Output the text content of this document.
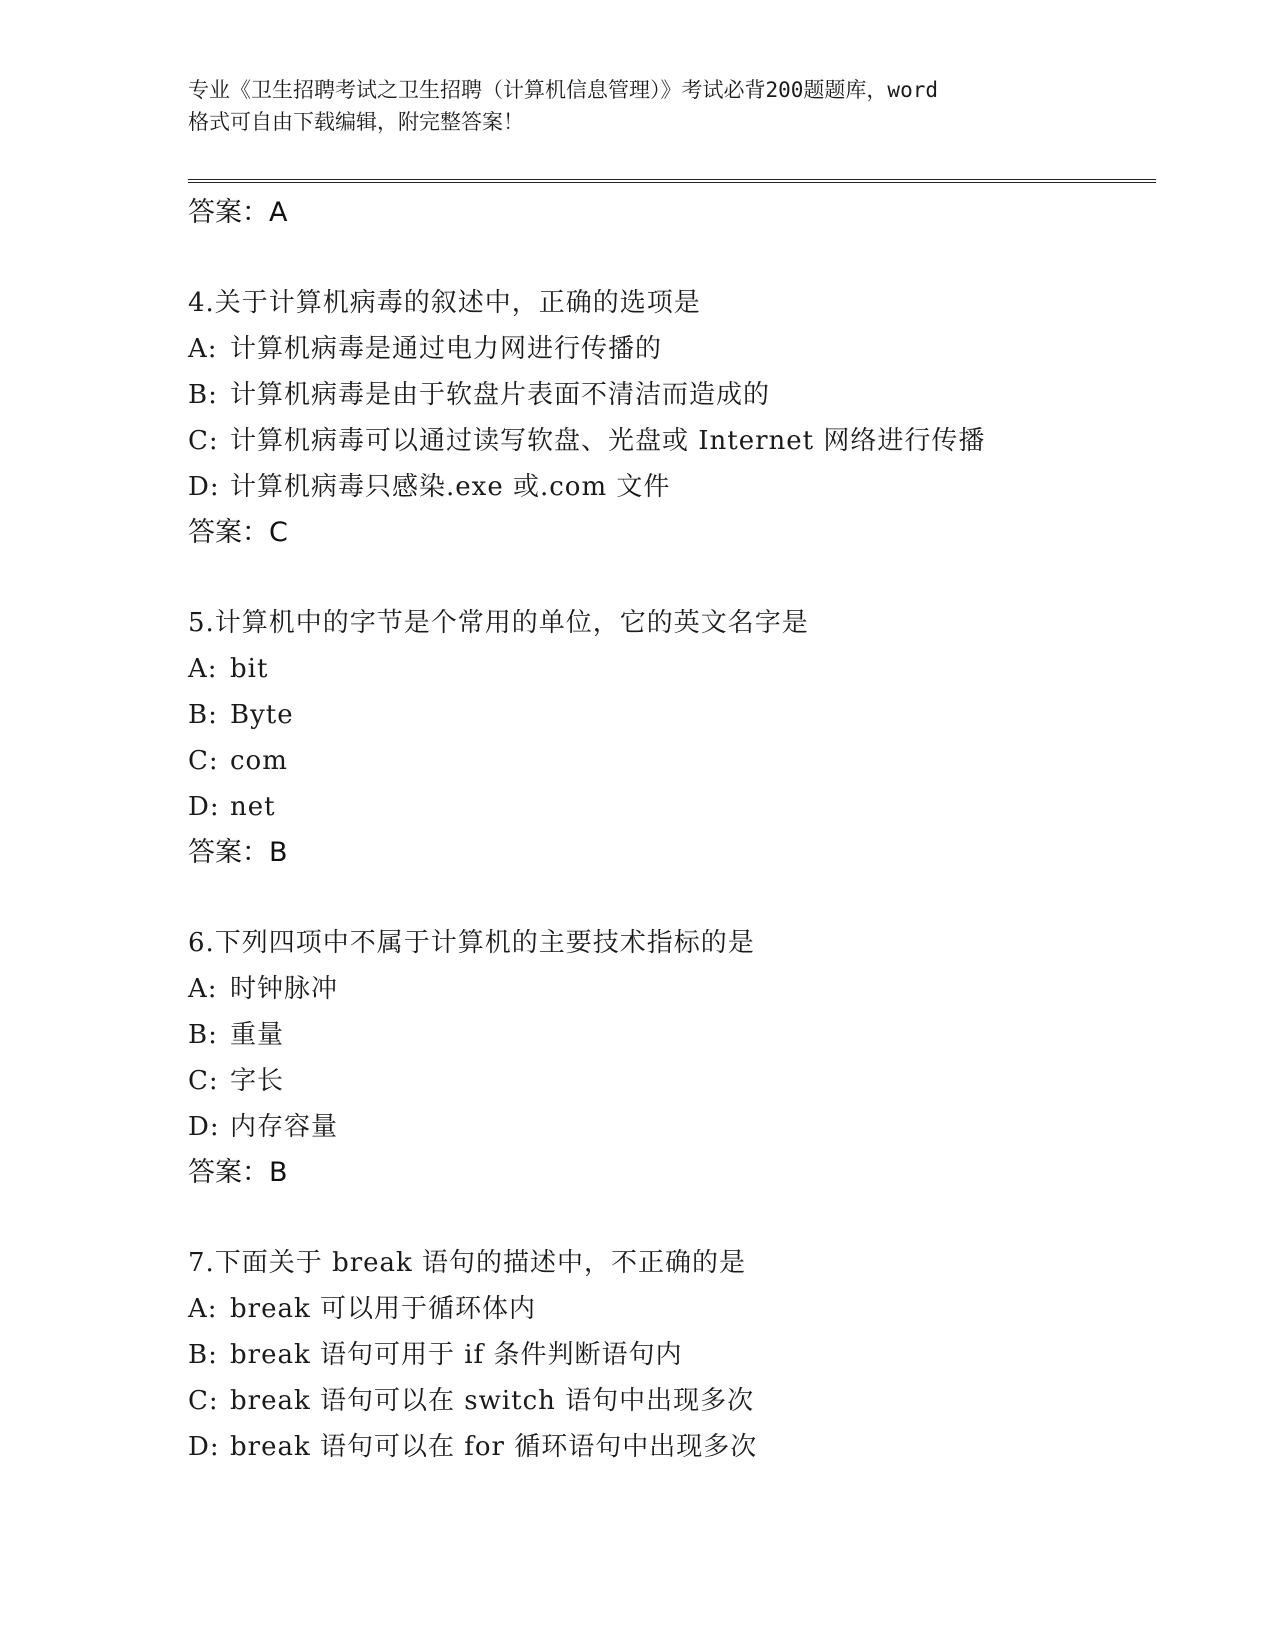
专业《卫生招聘考试之卫生招聘（计算机信息管理）》考试必背200题题库，word
格式可自由下载编辑，附完整答案！
答案：A
4.关于计算机病毒的叙述中，正确的选项是
A: 计算机病毒是通过电力网进行传播的
B: 计算机病毒是由于软盘片表面不清洁而造成的
C: 计算机病毒可以通过读写软盘、光盘或 Internet 网络进行传播
D: 计算机病毒只感染.exe 或.com 文件
答案：C
5.计算机中的字节是个常用的单位，它的英文名字是
A: bit
B: Byte
C: com
D: net
答案：B
6.下列四项中不属于计算机的主要技术指标的是
A: 时钟脉冲
B: 重量
C: 字长
D: 内存容量
答案：B
7.下面关于 break 语句的描述中，不正确的是
A: break 可以用于循环体内
B: break 语句可用于 if 条件判断语句内
C: break 语句可以在 switch 语句中出现多次
D: break 语句可以在 for 循环语句中出现多次
